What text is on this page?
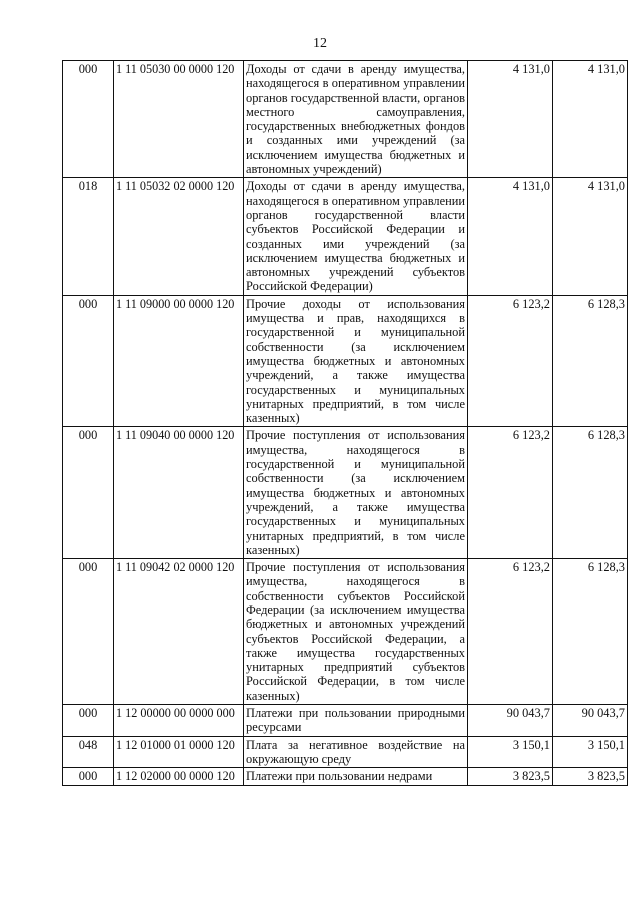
12
000	1 11 05030 00 0000 120	Доходы от сдачи в аренду имущества, находящегося в оперативном управлении органов государственной власти, органов местного самоуправления, государственных внебюджетных фондов и созданных ими учреждений (за исключением имущества бюджетных и автономных учреждений)	4 131,0	4 131,0
018	1 11 05032 02 0000 120	Доходы от сдачи в аренду имущества, находящегося в оперативном управлении органов государственной власти субъектов Российской Федерации и созданных ими учреждений (за исключением имущества бюджетных и автономных учреждений субъектов Российской Федерации)	4 131,0	4 131,0
000	1 11 09000 00 0000 120	Прочие доходы от использования имущества и прав, находящихся в государственной и муниципальной собственности (за исключением имущества бюджетных и автономных учреждений, а также имущества государственных и муниципальных унитарных предприятий, в том числе казенных)	6 123,2	6 128,3
000	1 11 09040 00 0000 120	Прочие поступления от использования имущества, находящегося в государственной и муниципальной собственности (за исключением имущества бюджетных и автономных учреждений, а также имущества государственных и муниципальных унитарных предприятий, в том числе казенных)	6 123,2	6 128,3
000	1 11 09042 02 0000 120	Прочие поступления от использования имущества, находящегося в собственности субъектов Российской Федерации (за исключением имущества бюджетных и автономных учреждений субъектов Российской Федерации, а также имущества государственных унитарных предприятий субъектов Российской Федерации, в том числе казенных)	6 123,2	6 128,3
000	1 12 00000 00 0000 000	Платежи при пользовании природными ресурсами	90 043,7	90 043,7
048	1 12 01000 01 0000 120	Плата за негативное воздействие на окружающую среду	3 150,1	3 150,1
000	1 12 02000 00 0000 120	Платежи при пользовании недрами	3 823,5	3 823,5
